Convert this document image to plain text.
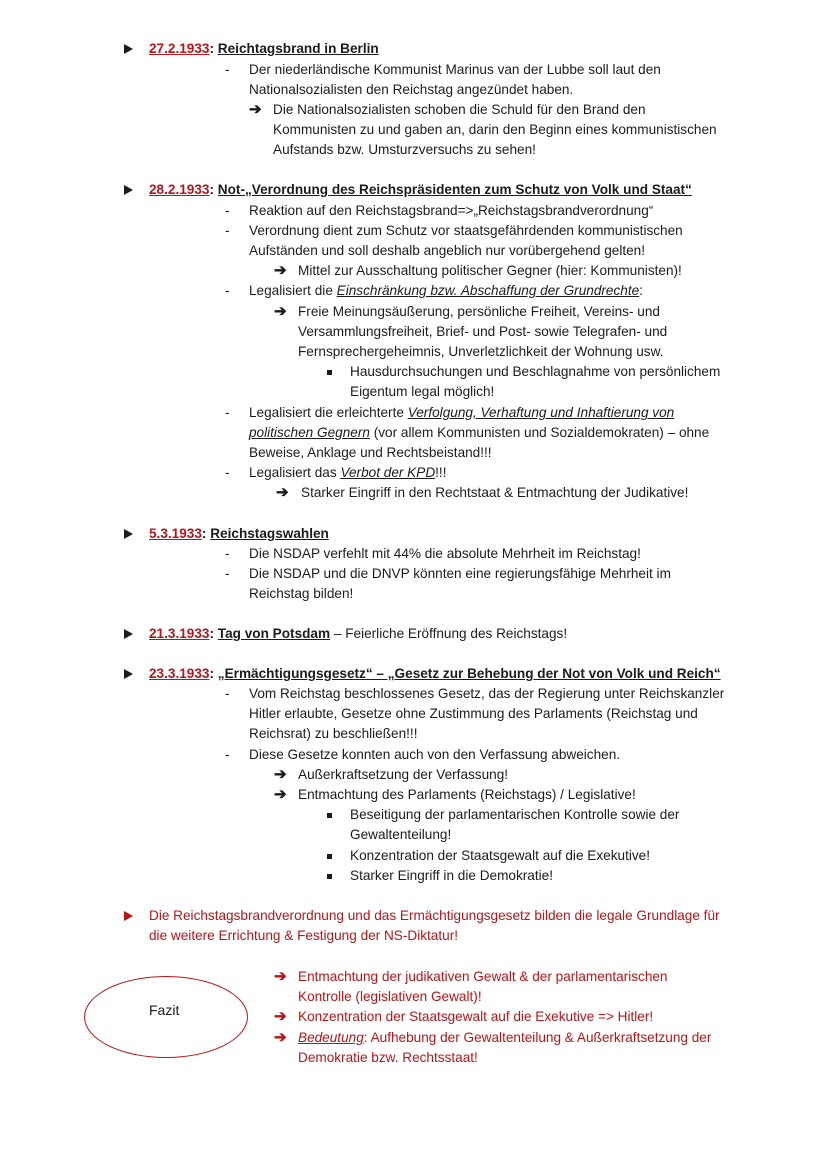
27.2.1933: Reichtagsbrand in Berlin
- Der niederländische Kommunist Marinus van der Lubbe soll laut den
Nationalsozialisten den Reichstag angezündet haben.
➔ Die Nationalsozialisten schoben die Schuld für den Brand den
Kommunisten zu und gaben an, darin den Beginn eines kommunistischen
Aufstands bzw. Umsturzversuchs zu sehen!
28.2.1933: Not-„Verordnung des Reichspräsidenten zum Schutz von Volk und Staat“
- Reaktion auf den Reichstagsbrand=>„Reichstagsbrandverordnung“
- Verordnung dient zum Schutz vor staatsgefährdenden kommunistischen
Aufständen und soll deshalb angeblich nur vorübergehend gelten!
➔ Mittel zur Ausschaltung politischer Gegner (hier: Kommunisten)!
- Legalisiert die Einschränkung bzw. Abschaffung der Grundrechte:
➔ Freie Meinungsäußerung, persönliche Freiheit, Vereins- und
Versammlungsfreiheit, Brief- und Post- sowie Telegrafen- und
Fernsprechergeheimnis, Unverletzlichkeit der Wohnung usw.
Hausdurchsuchungen und Beschlagnahme von persönlichem
Eigentum legal möglich!
- Legalisiert die erleichterte Verfolgung, Verhaftung und Inhaftierung von
politischen Gegnern (vor allem Kommunisten und Sozialdemokraten) – ohne
Beweise, Anklage und Rechtsbeistand!!!
- Legalisiert das Verbot der KPD!!!
➔ Starker Eingriff in den Rechtstaat & Entmachtung der Judikative!
5.3.1933: Reichstagswahlen
- Die NSDAP verfehlt mit 44% die absolute Mehrheit im Reichstag!
- Die NSDAP und die DNVP könnten eine regierungsfähige Mehrheit im
Reichstag bilden!
21.3.1933: Tag von Potsdam – Feierliche Eröffnung des Reichstags!
23.3.1933: „Ermächtigungsgesetz“ – „Gesetz zur Behebung der Not von Volk und Reich“
- Vom Reichstag beschlossenes Gesetz, das der Regierung unter Reichskanzler
Hitler erlaubte, Gesetze ohne Zustimmung des Parlaments (Reichstag und
Reichsrat) zu beschließen!!!
- Diese Gesetze konnten auch von den Verfassung abweichen.
➔ Außerkraftsetzung der Verfassung!
➔ Entmachtung des Parlaments (Reichstags) / Legislative!
Beseitigung der parlamentarischen Kontrolle sowie der
Gewaltenteilung!
Konzentration der Staatsgewalt auf die Exekutive!
Starker Eingriff in die Demokratie!
Die Reichstagsbrandverordnung und das Ermächtigungsgesetz bilden die legale Grundlage für
die weitere Errichtung & Festigung der NS-Diktatur!
Fazit
➔ Entmachtung der judikativen Gewalt & der parlamentarischen
Kontrolle (legislativen Gewalt)!
➔ Konzentration der Staatsgewalt auf die Exekutive => Hitler!
➔ Bedeutung: Aufhebung der Gewaltenteilung & Außerkraftsetzung der
Demokratie bzw. Rechtsstaat!
